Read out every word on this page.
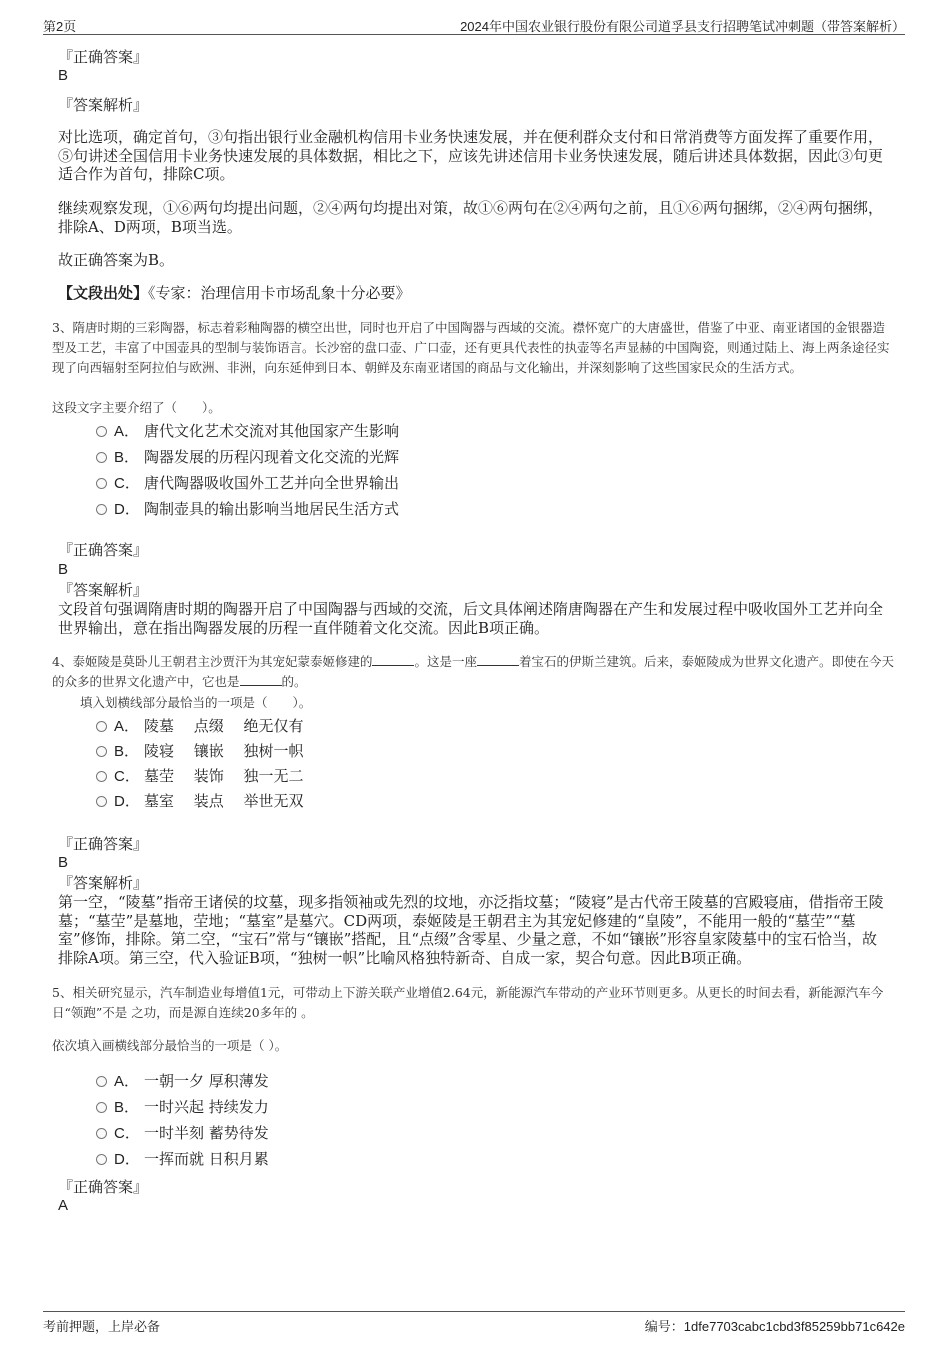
第2页	2024年中国农业银行股份有限公司道孚县支行招聘笔试冲刺题（带答案解析）
『正确答案』
B
『答案解析』

对比选项，确定首句，③句指出银行业金融机构信用卡业务快速发展，并在便利群众支付和日常消费等方面发挥了重要作用，⑤句讲述全国信用卡业务快速发展的具体数据，相比之下，应该先讲述信用卡业务快速发展，随后讲述具体数据，因此③句更适合作为首句，排除C项。

继续观察发现，①⑥两句均提出问题，②④两句均提出对策，故①⑥两句在②④两句之前，且①⑥两句捆绑，②④两句捆绑，排除A、D两项，B项当选。

故正确答案为B。

【文段出处】《专家：治理信用卡市场乱象十分必要》

3、隋唐时期的三彩陶器，标志着彩釉陶器的横空出世，同时也开启了中国陶器与西域的交流。襟怀宽广的大唐盛世，借鉴了中亚、南亚诸国的金银器造型及工艺，丰富了中国壶具的型制与装饰语言。长沙窑的盘口壶、广口壶，还有更具代表性的执壶等名声显赫的中国陶瓷，则通过陆上、海上两条途径实现了向西辐射至阿拉伯与欧洲、非洲，向东延伸到日本、朝鲜及东南亚诸国的商品与文化输出，并深刻影响了这些国家民众的生活方式。

这段文字主要介绍了（　　）。
A． 唐代文化艺术交流对其他国家产生影响
B． 陶器发展的历程闪现着文化交流的光辉
C． 唐代陶器吸收国外工艺并向全世界输出
D． 陶制壶具的输出影响当地居民生活方式
『正确答案』
B
『答案解析』

文段首句强调隋唐时期的陶器开启了中国陶器与西域的交流，后文具体阐述隋唐陶器在产生和发展过程中吸收国外工艺并向全世界输出，意在指出陶器发展的历程一直伴随着文化交流。因此B项正确。

4、泰姬陵是莫卧儿王朝君主沙贾汗为其宠妃蒙泰姬修建的	。这是一座	着宝石的伊斯兰建筑。后来，泰姬陵成为世界文化遗产。即使在今天的众多的世界文化遗产中，它也是	的。

填入划横线部分最恰当的一项是（　　）。
A． 陵墓　 点缀　 绝无仅有
B． 陵寝　 镶嵌　 独树一帜
C． 墓茔　 装饰　 独一无二
D． 墓室　 装点　 举世无双
『正确答案』
B
『答案解析』

第一空，“陵墓”指帝王诸侯的坟墓，现多指领袖或先烈的坟地，亦泛指坟墓；“陵寝”是古代帝王陵墓的宫殿寝庙，借指帝王陵墓；“墓茔”是墓地，茔地；“墓室”是墓穴。CD两项，泰姬陵是王朝君主为其宠妃修建的“皇陵”，不能用一般的“墓茔”“墓室”修饰，排除。第二空，“宝石”常与“镶嵌”搭配，且“点缀”含零星、少量之意，不如“镶嵌”形容皇家陵墓中的宝石恰当，故排除A项。第三空，代入验证B项，“独树一帜”比喻风格独特新奇、自成一家，契合句意。因此B项正确。

5、相关研究显示，汽车制造业每增值1元，可带动上下游关联产业增值2.64元，新能源汽车带动的产业环节则更多。从更长的时间去看，新能源汽车今日“领跑”不是 之功，而是源自连续20多年的 。

依次填入画横线部分最恰当的一项是（ ）。
A． 一朝一夕 厚积薄发
B． 一时兴起 持续发力
C． 一时半刻 蓄势待发
D． 一挥而就 日积月累
『正确答案』
A
考前押题，上岸必备	编号：1dfe7703cabc1cbd3f85259bb71c642e
